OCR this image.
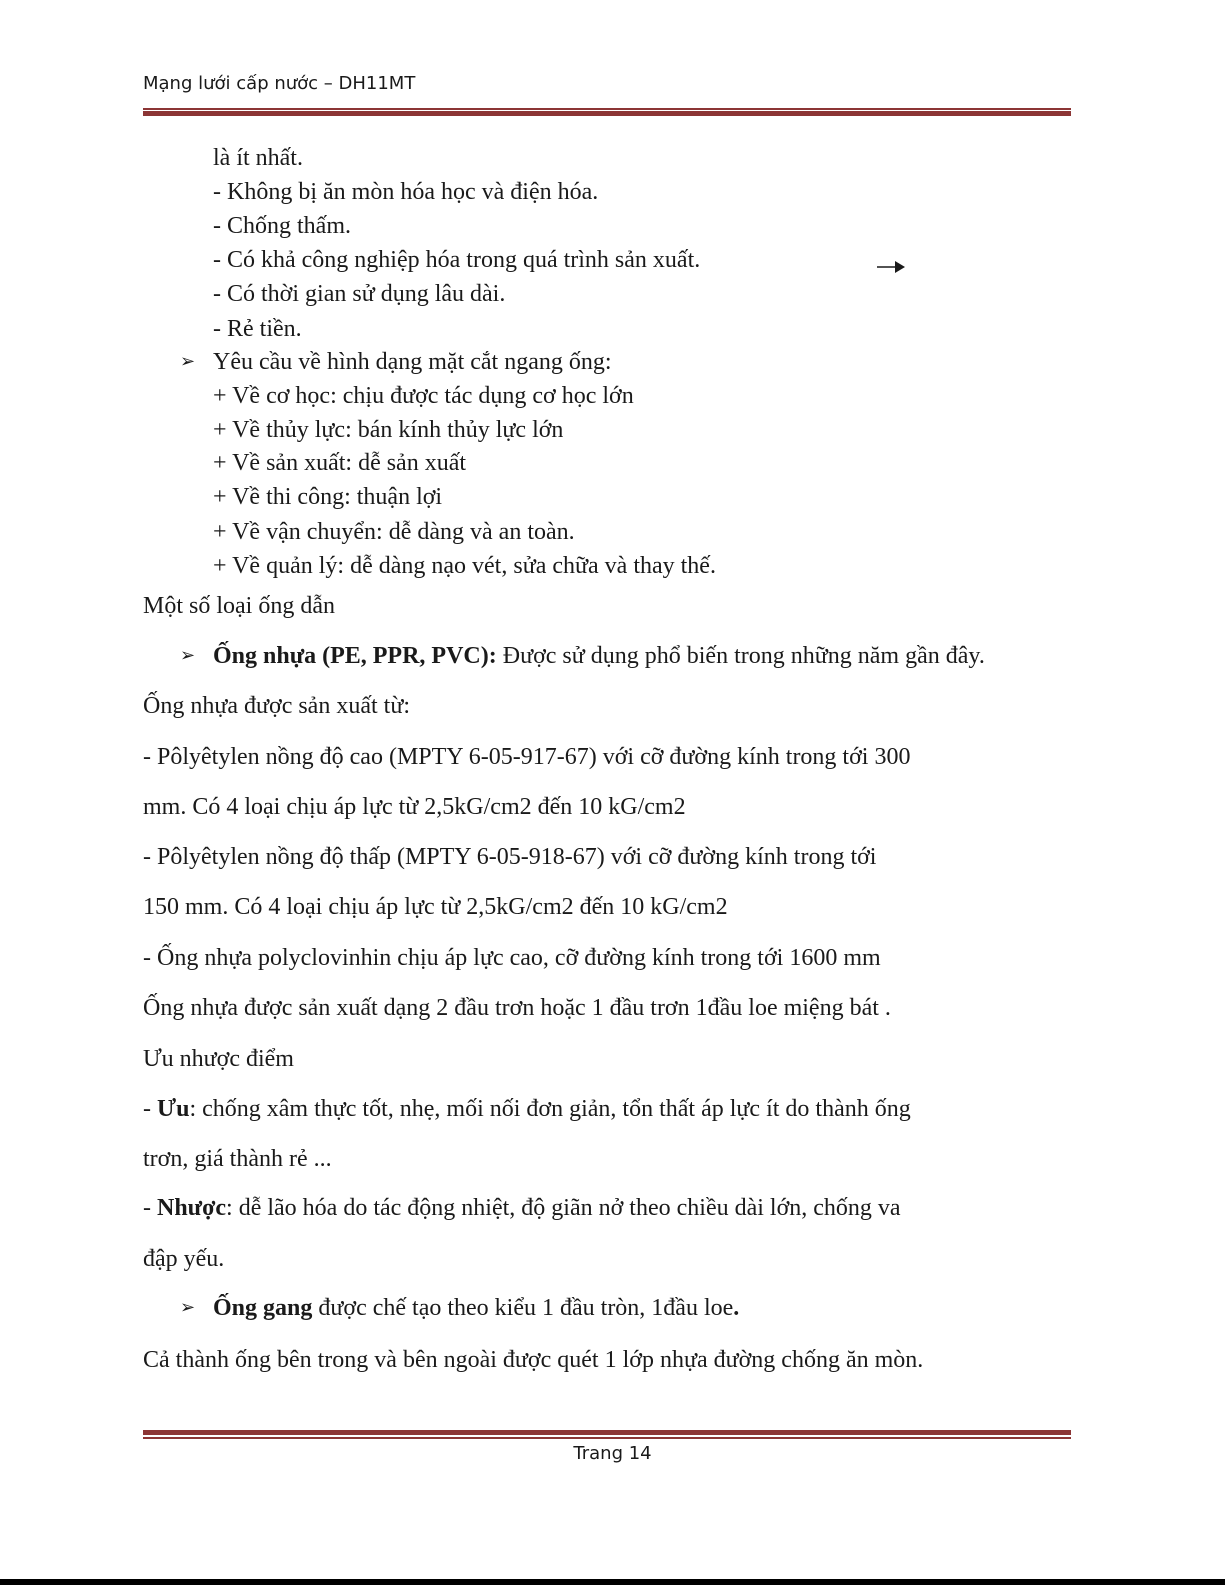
Mạng lưới cấp nước – DH11MT
là ít nhất.
- Không bị ăn mòn hóa học và điện hóa.
- Chống thấm.
- Có khả công nghiệp hóa trong quá trình sản xuất.
- Có thời gian sử dụng lâu dài.
- Rẻ tiền.
➢ Yêu cầu về hình dạng mặt cắt ngang ống:
+ Về cơ học: chịu được tác dụng cơ học lớn
+ Về thủy lực: bán kính thủy lực lớn
+ Về sản xuất: dễ sản xuất
+ Về thi công: thuận lợi
+ Về vận chuyển: dễ dàng và an toàn.
+ Về quản lý: dễ dàng nạo vét, sửa chữa và thay thế.
Một số loại ống dẫn
➢ Ống nhựa (PE, PPR, PVC): Được sử dụng phổ biến trong những năm gần đây.
Ống nhựa được sản xuất từ:
- Pôlyêtylen nồng độ cao (MPTY 6-05-917-67) với cỡ đường kính trong tới 300
mm. Có 4 loại chịu áp lực từ 2,5kG/cm2 đến 10 kG/cm2
- Pôlyêtylen nồng độ thấp (MPTY 6-05-918-67) với cỡ đường kính trong tới
150 mm. Có 4 loại chịu áp lực từ 2,5kG/cm2 đến 10 kG/cm2
- Ống nhựa polyclovinhin chịu áp lực cao, cỡ đường kính trong tới 1600 mm
Ống nhựa được sản xuất dạng 2 đầu trơn hoặc 1 đầu trơn 1đầu loe miệng bát .
Ưu nhược điểm
- Ưu: chống xâm thực tốt, nhẹ, mối nối đơn giản, tổn thất áp lực ít do thành ống
trơn, giá thành rẻ ...
- Nhược: dễ lão hóa do tác động nhiệt, độ giãn nở theo chiều dài lớn, chống va
đập yếu.
➢ Ống gang được chế tạo theo kiểu 1 đầu tròn, 1đầu loe.
Cả thành ống bên trong và bên ngoài được quét 1 lớp nhựa đường chống ăn mòn.
Trang 14
